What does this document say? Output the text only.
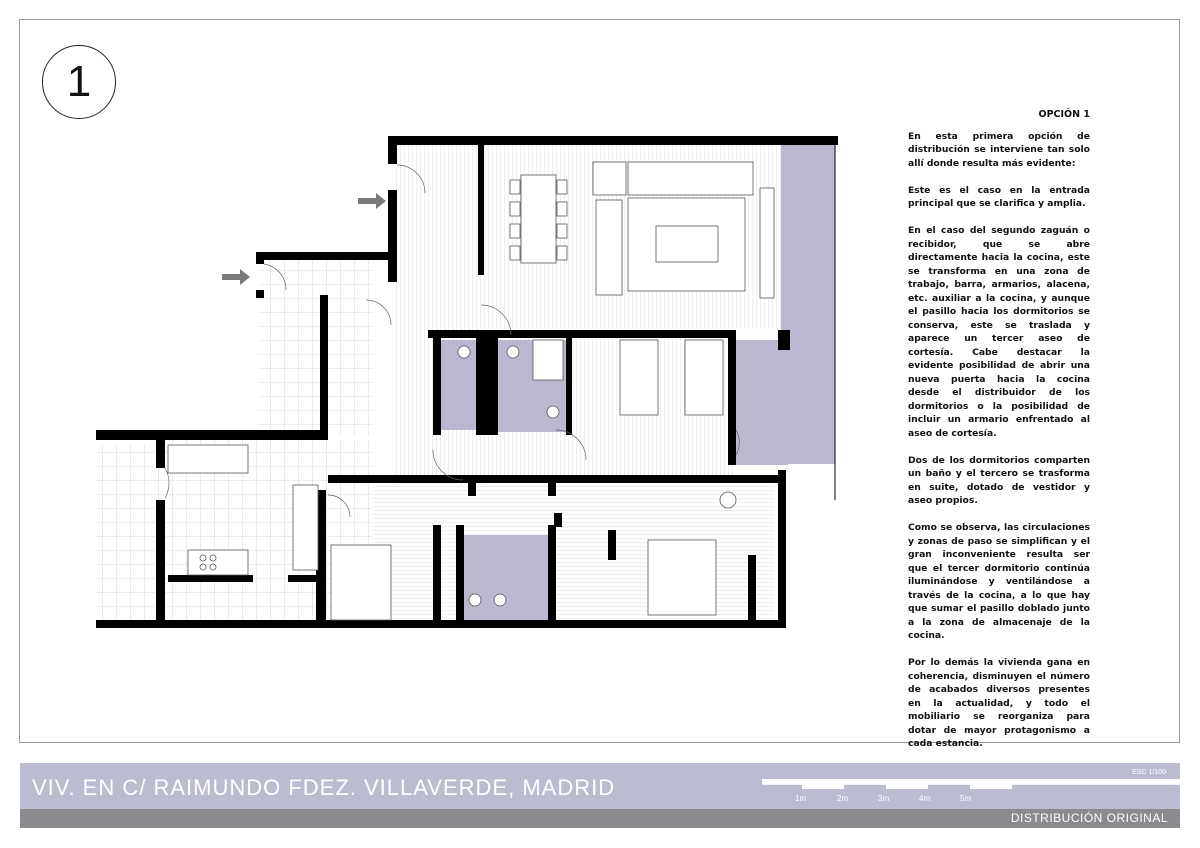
1
OPCIÓN 1

En esta primera opción de distribución se interviene tan solo allí donde resulta más evidente:

Este es el caso en la entrada principal que se clarifica y amplia.

En el caso del segundo zaguán o recibidor, que se abre directamente hacia la cocina, este se transforma en una zona de trabajo, barra, armarios, alacena, etc. auxiliar a la cocina, y aunque el pasillo hacia los dormitorios se conserva, este se traslada y aparece un tercer aseo de cortesía. Cabe destacar la evidente posibilidad de abrir una nueva puerta hacia la cocina desde el distribuidor de los dormitorios o la posibilidad de incluir un armario enfrentado al aseo de cortesía.

Dos de los dormitorios comparten un baño y el tercero se trasforma en suite, dotado de vestidor y aseo propios.

Como se observa, las circulaciones y zonas de paso se simplifican y el gran inconveniente resulta ser que el tercer dormitorio continúa iluminándose y ventilándose a través de la cocina, a lo que hay que sumar el pasillo doblado junto a la zona de almacenaje de la cocina.

Por lo demás la vivienda gana en coherencia, disminuyen el número de acabados diversos presentes en la actualidad, y todo el mobiliario se reorganiza para dotar de mayor protagonismo a cada estancia.

VIV. EN C/ RAIMUNDO FDEZ. VILLAVERDE, MADRID
DISTRIBUCIÓN ORIGINAL
ESC 1/100
1m	2m	3m	4m	5m
